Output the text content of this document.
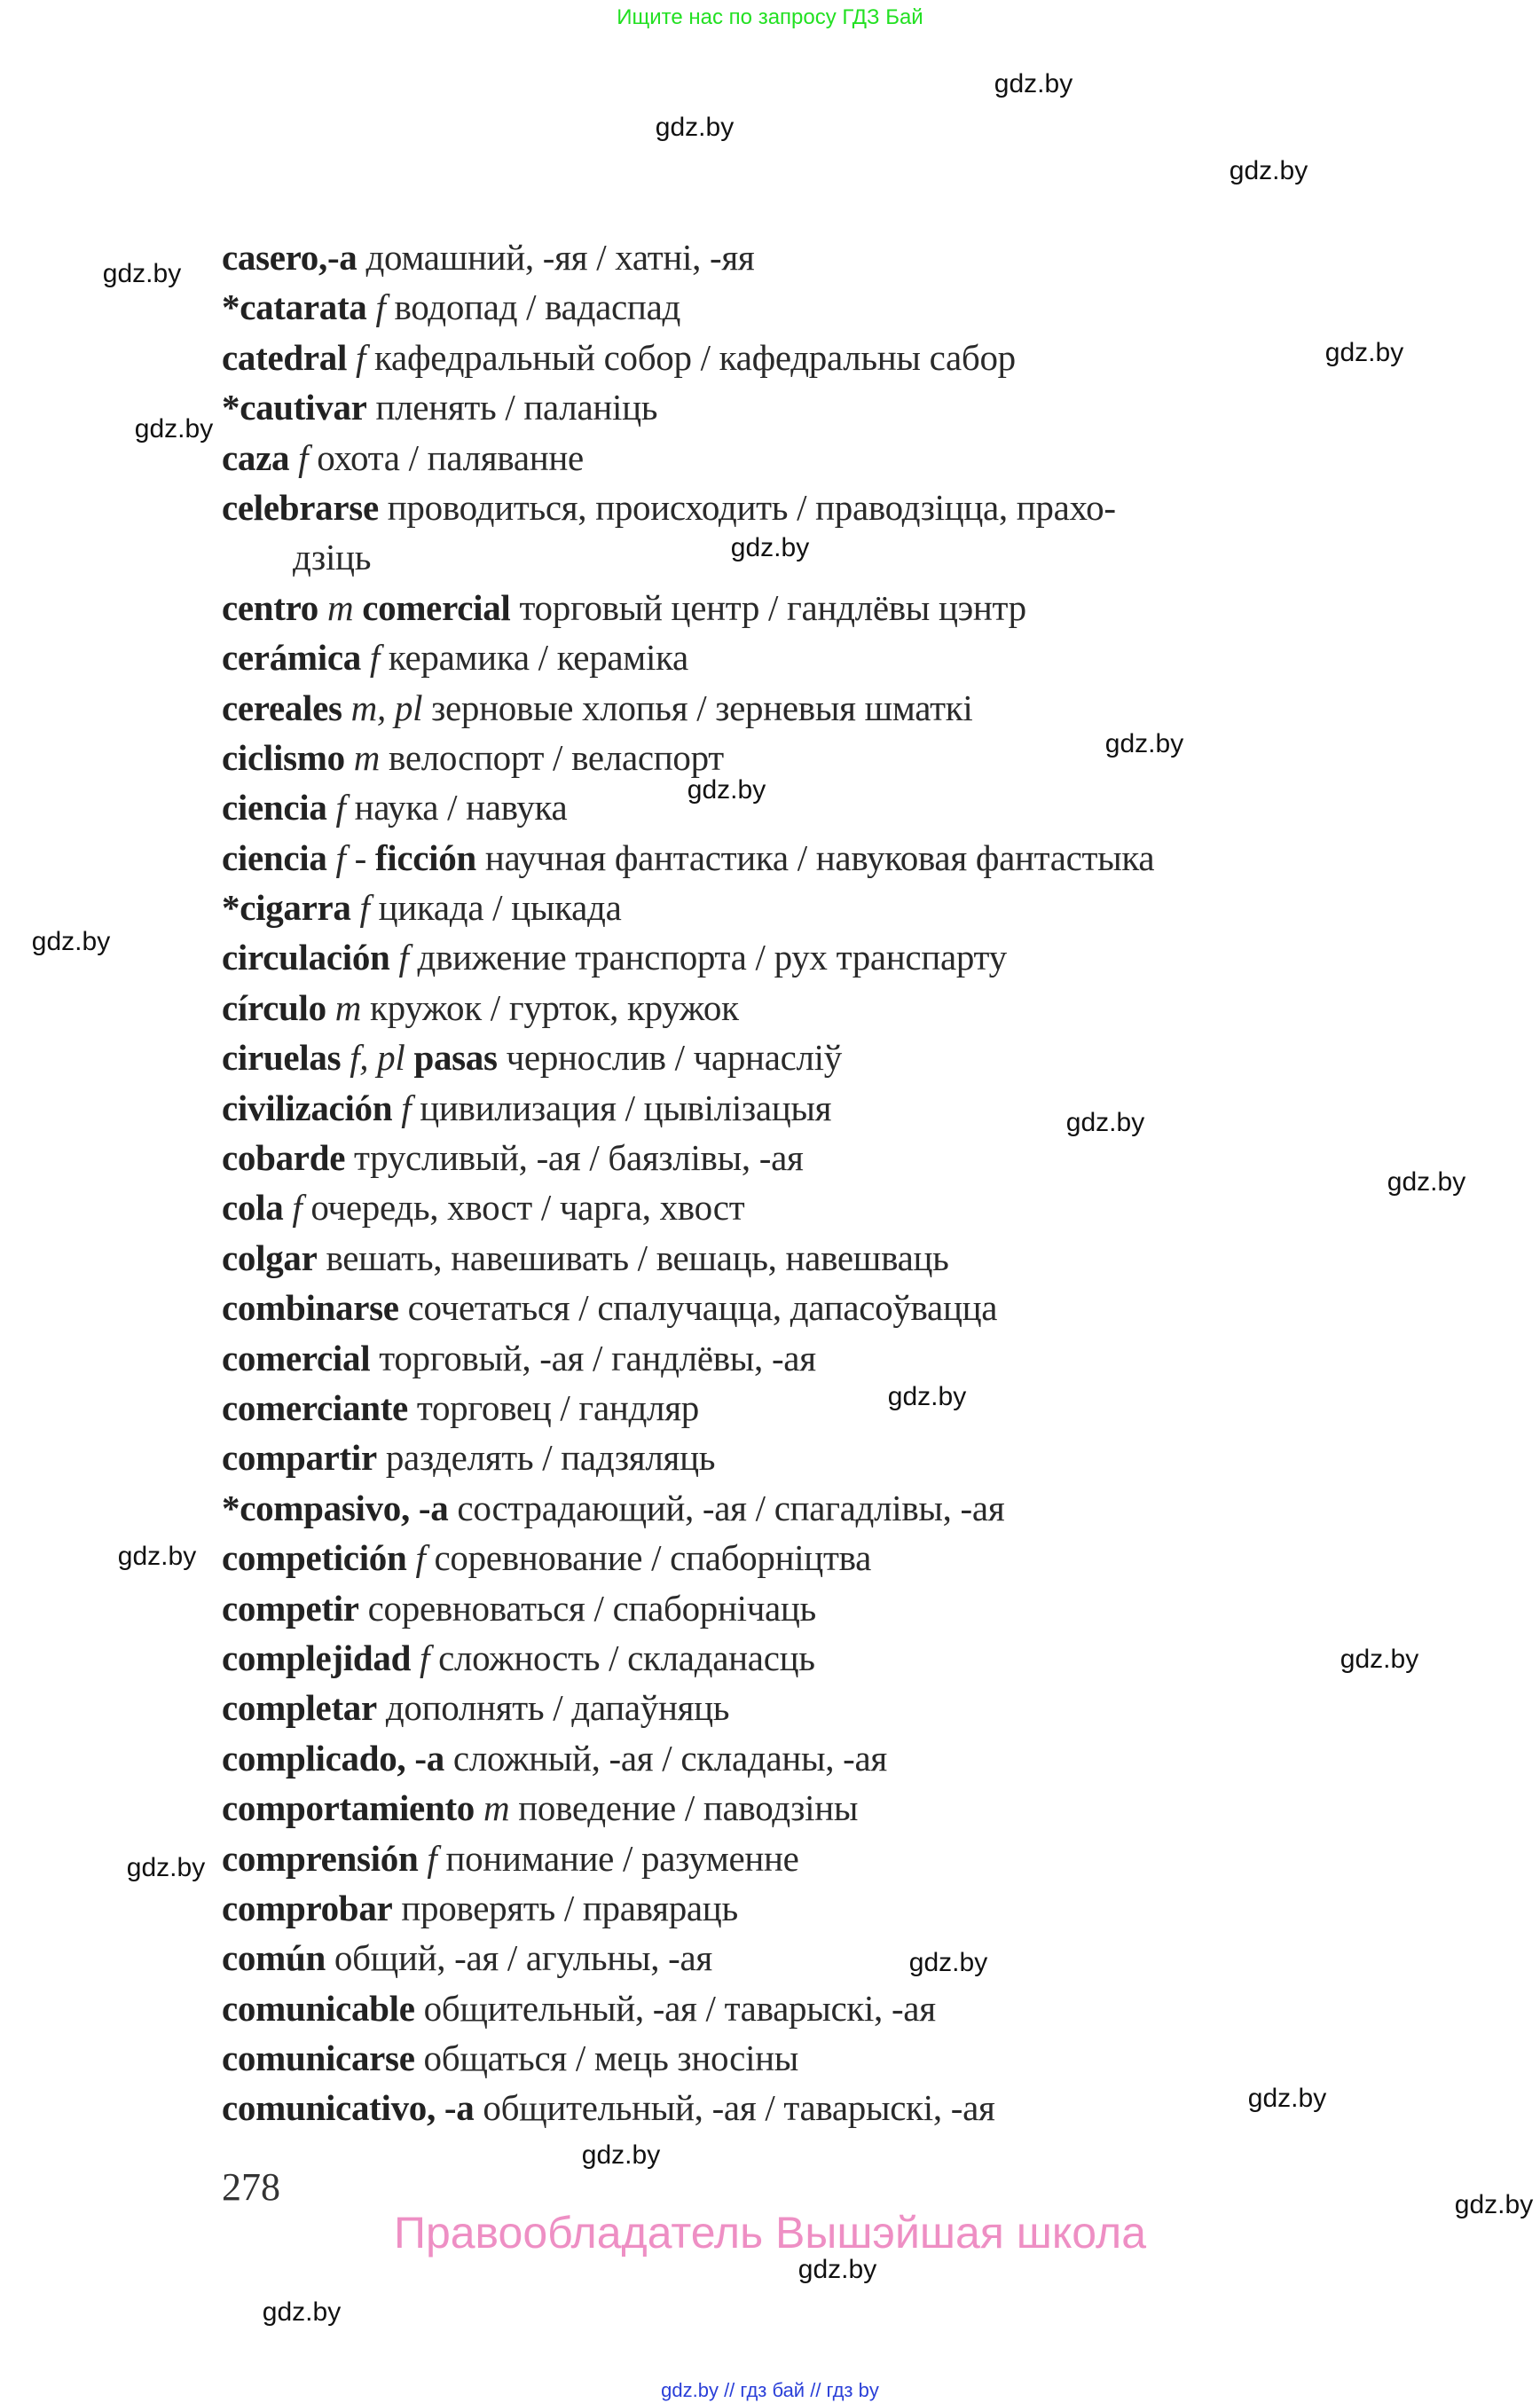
Ищите нас по запросу ГДЗ Бай
casero,-a домашний, -яя / хатні, -яя
*catarata f водопад / вадаспад
catedral f кафедральный собор / кафедральны сабор
*cautivar пленять / паланіць
caza f охота / паляванне
celebrarse проводиться, происходить / праводзіцца, прахо-
дзіць
centro m comercial торговый центр / гандлёвы цэнтр
cerámica f керамика / кераміка
cereales m, pl зерновые хлопья / зерневыя шматкі
ciclismo m велоспорт / веласпорт
ciencia f наука / навука
ciencia f - ficción научная фантастика / навуковая фантастыка
*cigarra f цикада / цыкада
circulación f движение транспорта / рух транспарту
círculo m кружок / гурток, кружок
ciruelas f, pl pasas чернослив / чарнасліў
civilización f цивилизация / цывілізацыя
cobarde трусливый, -ая / баязлівы, -ая
cola f очередь, хвост / чарга, хвост
colgar вешать, навешивать / вешаць, навешваць
combinarse сочетаться / спалучацца, дапасоўвацца
comercial торговый, -ая / гандлёвы, -ая
comerciante торговец / гандляр
compartir разделять / падзяляць
*compasivo, -a сострадающий, -ая / спагадлівы, -ая
competición f соревнование / спаборніцтва
competir соревноваться / спаборнічаць
complejidad f сложность / складанасць
completar дополнять / дапаўняць
complicado, -a сложный, -ая / складаны, -ая
comportamiento m поведение / паводзіны
comprensión f понимание / разуменне
comprobar проверять / правяраць
común общий, -ая / агульны, -ая
comunicable общительный, -ая / таварыскі, -ая
comunicarse общаться / мець зносіны
comunicativo, -a общительный, -ая / таварыскі, -ая
278
Правообладатель Вышэйшая школа
gdz.by // гдз бай // гдз by
gdz.by
gdz.by
gdz.by
gdz.by
gdz.by
gdz.by
gdz.by
gdz.by
gdz.by
gdz.by
gdz.by
gdz.by
gdz.by
gdz.by
gdz.by
gdz.by
gdz.by
gdz.by
gdz.by
gdz.by
gdz.by
gdz.by
